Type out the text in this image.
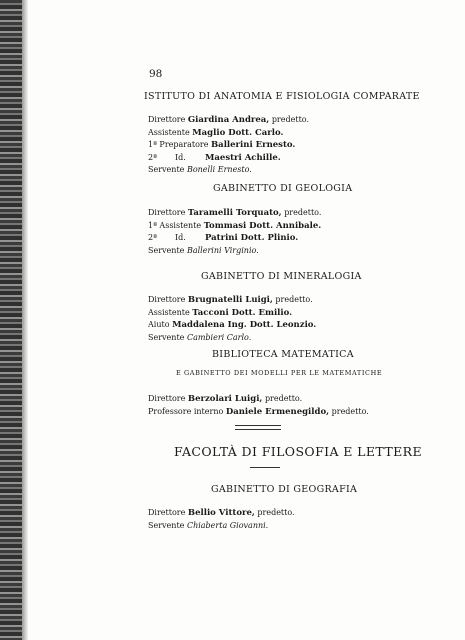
98
ISTITUTO DI ANATOMIA E FISIOLOGIA COMPARATE
Direttore Giardina Andrea, predetto.
Assistente Maglio Dott. Carlo.
1ª Preparatore Ballerini Ernesto.
2ª Id. Maestri Achille.
Servente Bonelli Ernesto.
GABINETTO DI GEOLOGIA
Direttore Taramelli Torquato, predetto.
1ª Assistente Tommasi Dott. Annibale.
2ª Id. Patrini Dott. Plinio.
Servente Ballerini Virginio.
GABINETTO DI MINERALOGIA
Direttore Brugnatelli Luigi, predetto.
Assistente Tacconi Dott. Emilio.
Aiuto Maddalena Ing. Dott. Leonzio.
Servente Cambieri Carlo.
BIBLIOTECA MATEMATICA
E GABINETTO DEI MODELLI PER LE MATEMATICHE
Direttore Berzolari Luigi, predetto.
Professore interno Daniele Ermenegildo, predetto.
FACOLTÀ DI FILOSOFIA E LETTERE
GABINETTO DI GEOGRAFIA
Direttore Bellio Vittore, predetto.
Servente Chiaberta Giovanni.
